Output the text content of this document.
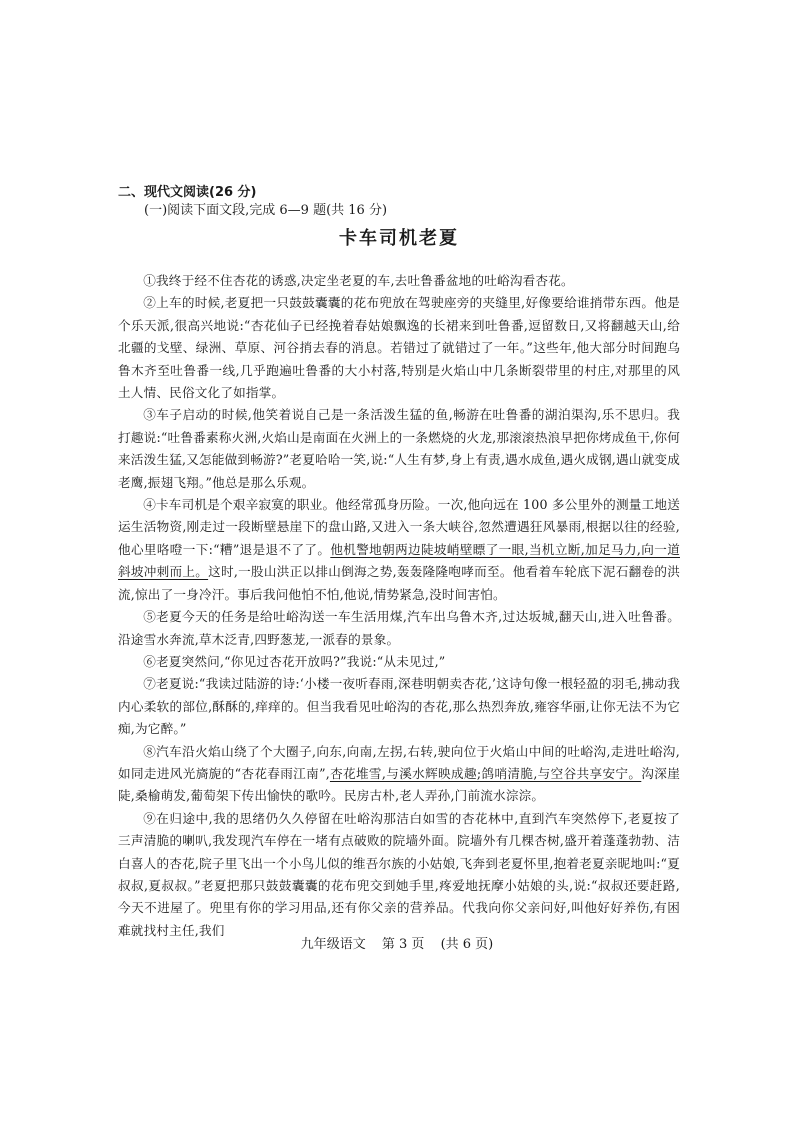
二、现代文阅读(26 分)

(一)阅读下面文段,完成 6—9 题(共 16 分)

卡车司机老夏

①我终于经不住杏花的诱惑,决定坐老夏的车,去吐鲁番盆地的吐峪沟看杏花。

②上车的时候,老夏把一只鼓鼓囊囊的花布兜放在驾驶座旁的夹缝里,好像要给谁捎带东西。他是个乐天派,很高兴地说:“杏花仙子已经挽着春姑娘飘逸的长裙来到吐鲁番,逗留数日,又将翻越天山,给北疆的戈壁、绿洲、草原、河谷捎去春的消息。若错过了就错过了一年。”这些年,他大部分时间跑乌鲁木齐至吐鲁番一线,几乎跑遍吐鲁番的大小村落,特别是火焰山中几条断裂带里的村庄,对那里的风土人情、民俗文化了如指掌。

③车子启动的时候,他笑着说自己是一条活泼生猛的鱼,畅游在吐鲁番的湖泊渠沟,乐不思归。我打趣说:“吐鲁番素称火洲,火焰山是南面在火洲上的一条燃烧的火龙,那滚滚热浪早把你烤成鱼干,你何来活泼生猛,又怎能做到畅游?”老夏哈哈一笑,说:“人生有梦,身上有责,遇水成鱼,遇火成钢,遇山就变成老鹰,振翅飞翔。”他总是那么乐观。

④卡车司机是个艰辛寂寞的职业。他经常孤身历险。一次,他向远在 100 多公里外的测量工地送运生活物资,刚走过一段断壁悬崖下的盘山路,又进入一条大峡谷,忽然遭遇狂风暴雨,根据以往的经验,他心里咯噔一下:“糟”退是退不了了。他机警地朝两边陡坡峭壁瞟了一眼,当机立断,加足马力,向一道斜坡冲刺而上。这时,一股山洪正以排山倒海之势,轰轰隆隆咆哮而至。他看着车轮底下泥石翻卷的洪流,惊出了一身冷汗。事后我问他怕不怕,他说,情势紧急,没时间害怕。

⑤老夏今天的任务是给吐峪沟送一车生活用煤,汽车出乌鲁木齐,过达坂城,翻天山,进入吐鲁番。沿途雪水奔流,草木泛青,四野葱茏,一派春的景象。

⑥老夏突然问,“你见过杏花开放吗?”我说:“从未见过,”

⑦老夏说:“我读过陆游的诗:‘小楼一夜听春雨,深巷明朝卖杏花,’这诗句像一根轻盈的羽毛,拂动我内心柔软的部位,酥酥的,痒痒的。但当我看见吐峪沟的杏花,那么热烈奔放,雍容华丽,让你无法不为它痴,为它醉。”

⑧汽车沿火焰山绕了个大圈子,向东,向南,左拐,右转,驶向位于火焰山中间的吐峪沟,走进吐峪沟,如同走进风光旖旎的“杏花春雨江南”,杏花堆雪,与溪水辉映成趣;鸽哨清脆,与空谷共享安宁。沟深崖陡,桑榆萌发,葡萄架下传出愉快的歌吟。民房古朴,老人弄孙,门前流水淙淙。

⑨在归途中,我的思绪仍久久停留在吐峪沟那洁白如雪的杏花林中,直到汽车突然停下,老夏按了三声清脆的喇叭,我发现汽车停在一堵有点破败的院墙外面。院墙外有几棵杏树,盛开着蓬蓬勃勃、洁白喜人的杏花,院子里飞出一个小鸟儿似的维吾尔族的小姑娘,飞奔到老夏怀里,抱着老夏亲昵地叫:“夏叔叔,夏叔叔。”老夏把那只鼓鼓囊囊的花布兜交到她手里,疼爱地抚摩小姑娘的头,说:“叔叔还要赶路,今天不进屋了。兜里有你的学习用品,还有你父亲的营养品。代我向你父亲问好,叫他好好养伤,有困难就找村主任,我们

九年级语文 第 3 页 (共 6 页)
